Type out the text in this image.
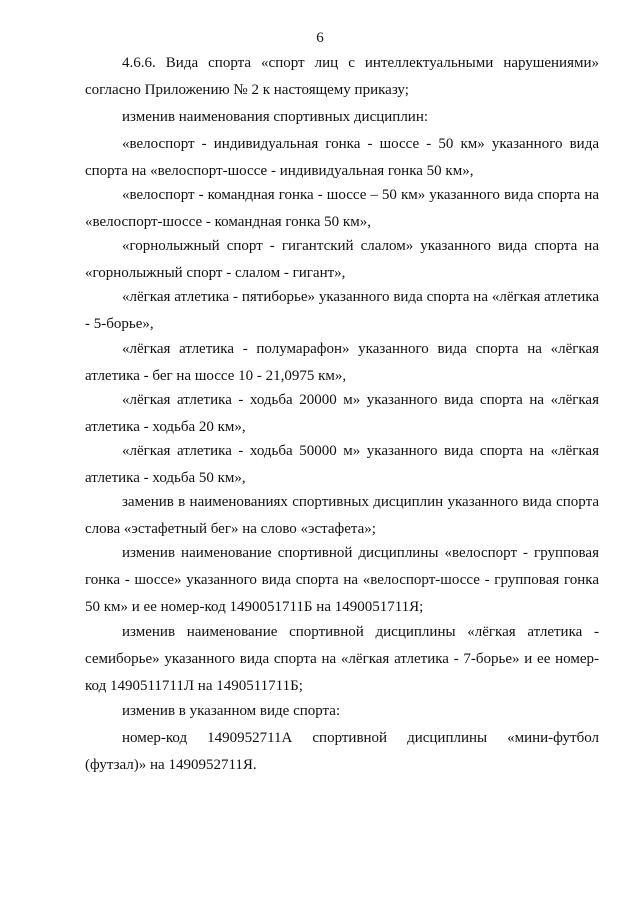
6

4.6.6. Вида спорта «спорт лиц с интеллектуальными нарушениями» согласно Приложению № 2 к настоящему приказу;

изменив наименования спортивных дисциплин:

«велоспорт - индивидуальная гонка - шоссе - 50 км» указанного вида спорта на «велоспорт-шоссе - индивидуальная гонка 50 км»,

«велоспорт - командная гонка - шоссе – 50 км» указанного вида спорта на «велоспорт-шоссе - командная гонка 50 км»,

«горнолыжный спорт - гигантский слалом» указанного вида спорта на «горнолыжный спорт - слалом - гигант»,

«лёгкая атлетика - пятиборье» указанного вида спорта на «лёгкая атлетика - 5-борье»,

«лёгкая атлетика - полумарафон» указанного вида спорта на «лёгкая атлетика - бег на шоссе 10 - 21,0975 км»,

«лёгкая атлетика - ходьба 20000 м» указанного вида спорта на «лёгкая атлетика - ходьба 20 км»,

«лёгкая атлетика - ходьба 50000 м» указанного вида спорта на «лёгкая атлетика - ходьба 50 км»,

заменив в наименованиях спортивных дисциплин указанного вида спорта слова «эстафетный бег» на слово «эстафета»;

изменив наименование спортивной дисциплины «велоспорт - групповая гонка - шоссе» указанного вида спорта на «велоспорт-шоссе - групповая гонка 50 км» и ее номер-код 1490051711Б на 1490051711Я;

изменив наименование спортивной дисциплины «лёгкая атлетика - семиборье» указанного вида спорта на «лёгкая атлетика - 7-борье» и ее номер-код 1490511711Л на 1490511711Б;

изменив в указанном виде спорта:

номер-код 1490952711А спортивной дисциплины «мини-футбол (футзал)» на 1490952711Я.
